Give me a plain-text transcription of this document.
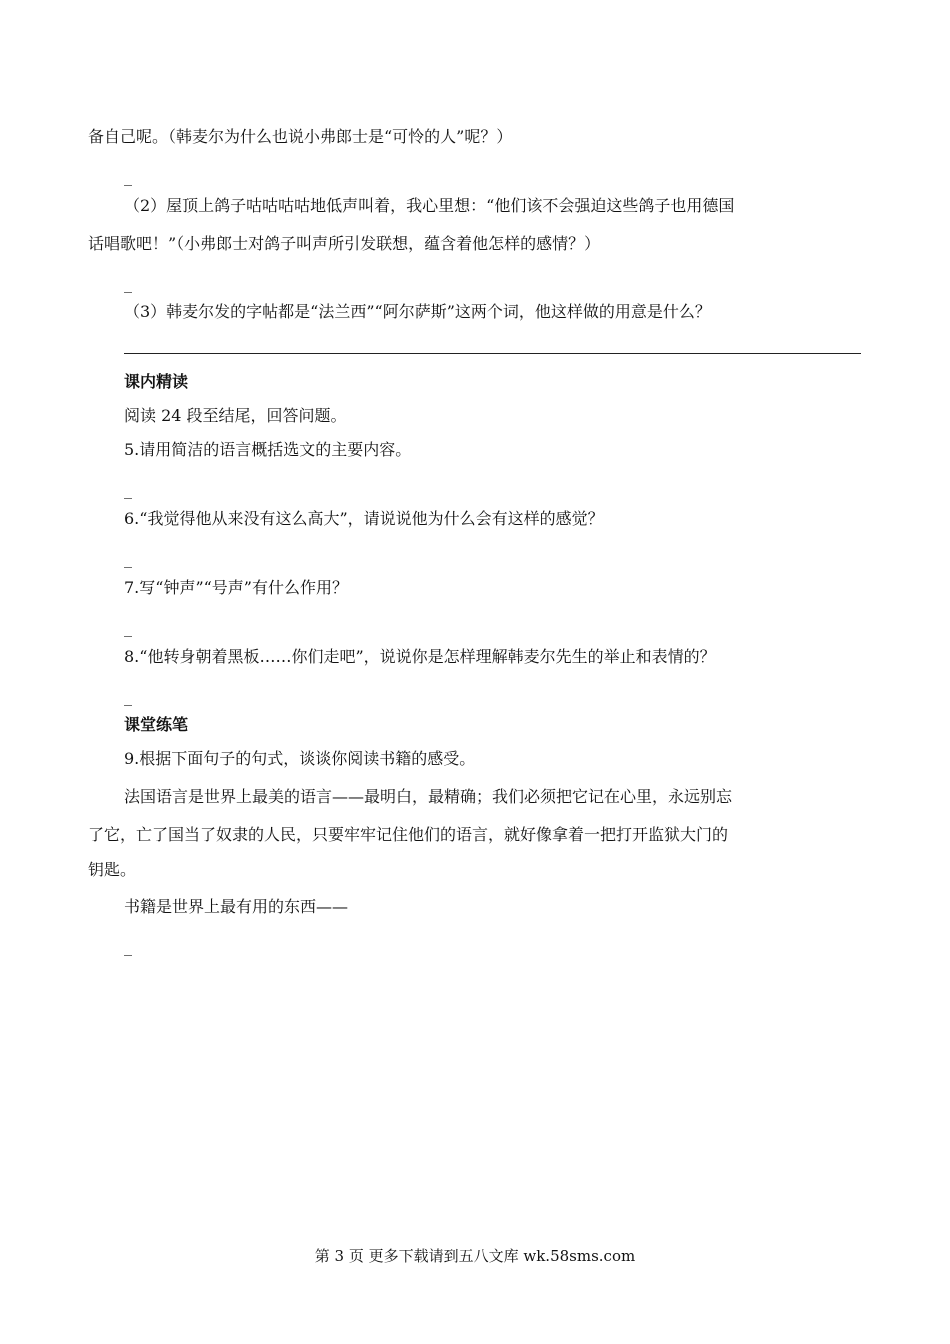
备自己呢。（韩麦尔为什么也说小弗郎士是“可怜的人”呢？）
_
（2）屋顶上鸽子咕咕咕咕地低声叫着，我心里想：“他们该不会强迫这些鸽子也用德国
话唱歌吧！”（小弗郎士对鸽子叫声所引发联想，蕴含着他怎样的感情？）
_
（3）韩麦尔发的字帖都是“法兰西”“阿尔萨斯”这两个词，他这样做的用意是什么？
课内精读
阅读 24 段至结尾，回答问题。
5.请用简洁的语言概括选文的主要内容。
_
6.“我觉得他从来没有这么高大”，请说说他为什么会有这样的感觉？
_
7.写“钟声”“号声”有什么作用？
_
8.“他转身朝着黑板……你们走吧”，说说你是怎样理解韩麦尔先生的举止和表情的？
_
课堂练笔
9.根据下面句子的句式，谈谈你阅读书籍的感受。
法国语言是世界上最美的语言——最明白，最精确；我们必须把它记在心里，永远别忘
了它，亡了国当了奴隶的人民，只要牢牢记住他们的语言，就好像拿着一把打开监狱大门的
钥匙。
书籍是世界上最有用的东西——
_
第 3 页 更多下载请到五八文库 wk.58sms.com
